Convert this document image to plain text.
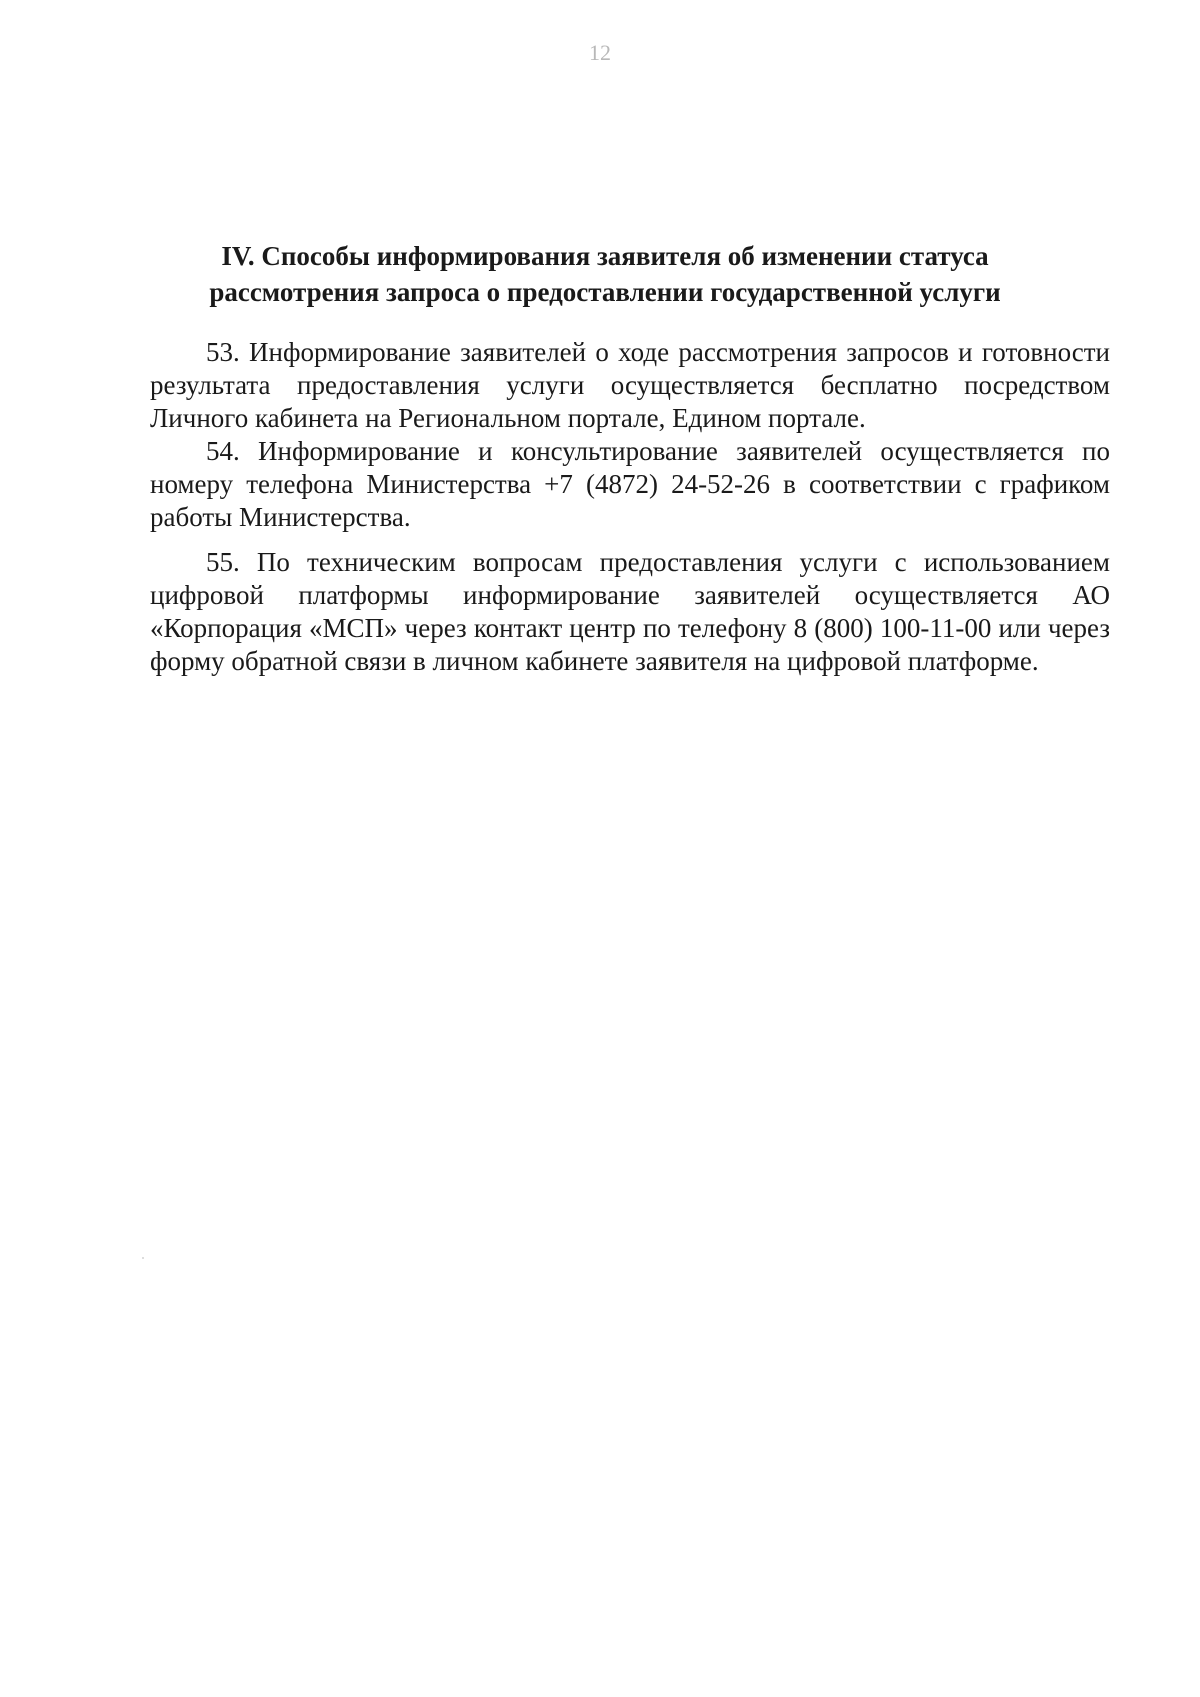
12
IV. Способы информирования заявителя об изменении статуса
рассмотрения запроса о предоставлении государственной услуги

53. Информирование заявителей о ходе рассмотрения запросов и готовности результата предоставления услуги осуществляется бесплатно посредством Личного кабинета на Региональном портале, Едином портале.

54. Информирование и консультирование заявителей осуществляется по номеру телефона Министерства +7 (4872) 24-52-26 в соответствии с графиком работы Министерства.

55. По техническим вопросам предоставления услуги с использованием цифровой платформы информирование заявителей осуществляется АО «Корпорация «МСП» через контакт центр по телефону 8 (800) 100-11-00 или через форму обратной связи в личном кабинете заявителя на цифровой платформе.
